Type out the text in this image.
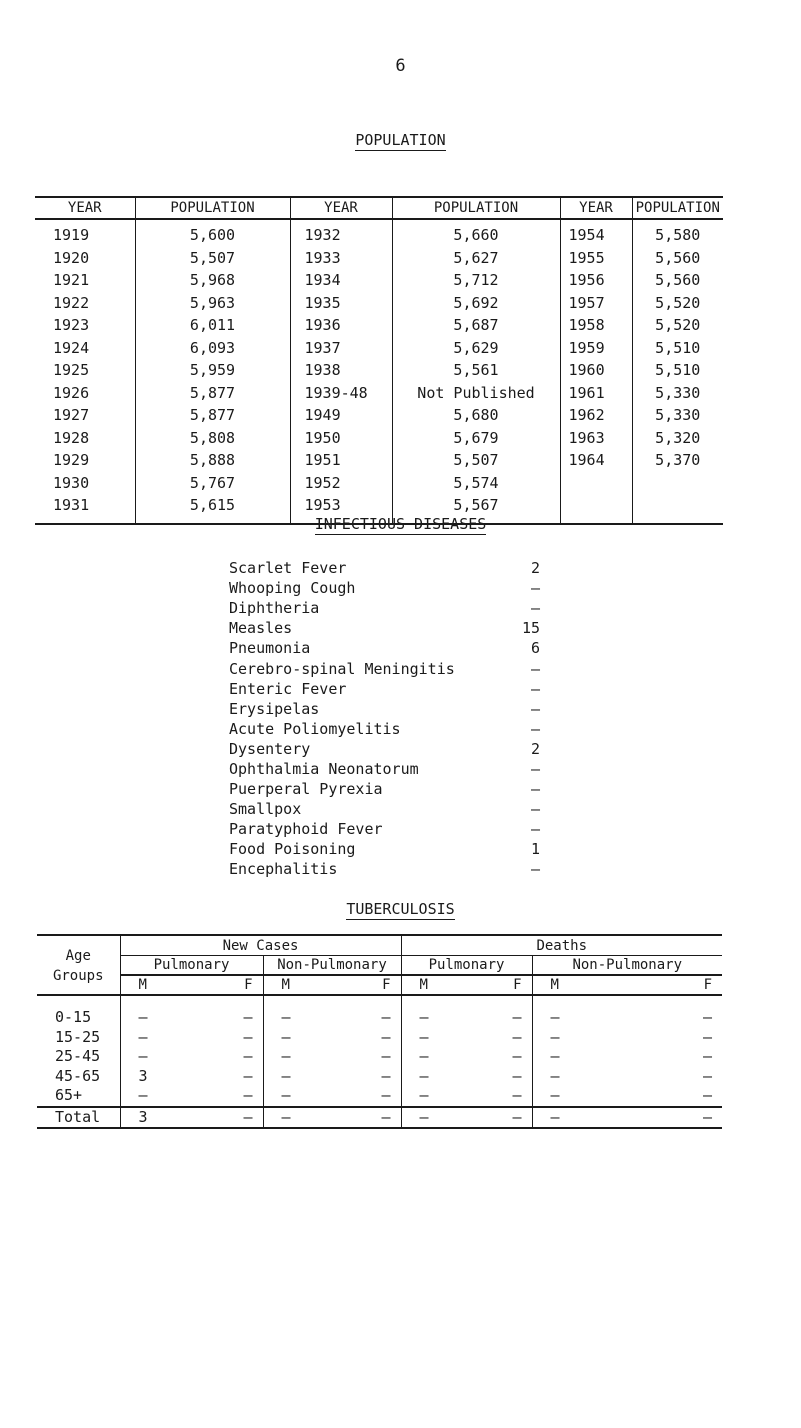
6
POPULATION
YEAR	POPULATION	YEAR	POPULATION	YEAR	POPULATION
1919	5,600	1932	5,660	1954	5,580
1920	5,507	1933	5,627	1955	5,560
1921	5,968	1934	5,712	1956	5,560
1922	5,963	1935	5,692	1957	5,520
1923	6,011	1936	5,687	1958	5,520
1924	6,093	1937	5,629	1959	5,510
1925	5,959	1938	5,561	1960	5,510
1926	5,877	1939-48	Not Published	1961	5,330
1927	5,877	1949	5,680	1962	5,330
1928	5,808	1950	5,679	1963	5,320
1929	5,888	1951	5,507	1964	5,370
1930	5,767	1952	5,574		
1931	5,615	1953	5,567		
INFECTIOUS DISEASES
Scarlet Fever	2
Whooping Cough	–
Diphtheria	–
Measles	15
Pneumonia	6
Cerebro-spinal Meningitis	–
Enteric Fever	–
Erysipelas	–
Acute Poliomyelitis	–
Dysentery	2
Ophthalmia Neonatorum	–
Puerperal Pyrexia	–
Smallpox	–
Paratyphoid Fever	–
Food Poisoning	1
Encephalitis	–
TUBERCULOSIS
Age
Groups	New Cases		Deaths	
	Pulmonary	Non-Pulmonary	Pulmonary	Non-Pulmonary

	M F	M F	M F	M F

0-15	– –	– –	– –	– –

15-25	– –	– –	– –	– –

25-45	– –	– –	– –	– –

45-65	3 –	– –	– –	– –

65+	– –	– –	– –	– –

Total	3 –	– –	– –	– –
